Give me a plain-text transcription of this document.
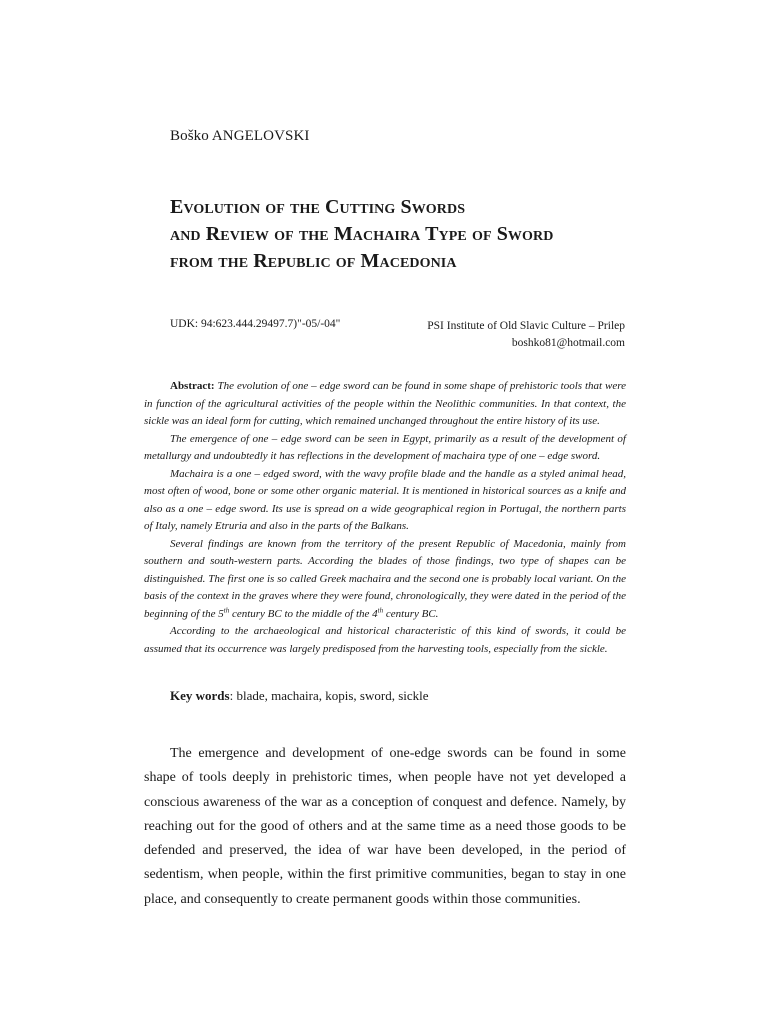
Boško ANGELOVSKI
Evolution of the Cutting Swords
and Review of the Machaira Type of Sword
from the Republic of Macedonia
UDK: 94:623.444.29497.7)"-05/-04"	PSI Institute of Old Slavic Culture – Prilep
boshko81@hotmail.com

Abstract: The evolution of one – edge sword can be found in some shape of prehistoric tools that were in function of the agricultural activities of the people within the Neolithic communities. In that context, the sickle was an ideal form for cutting, which remained unchanged throughout the entire history of its use.

The emergence of one – edge sword can be seen in Egypt, primarily as a result of the development of metallurgy and undoubtedly it has reflections in the development of machaira type of one – edge sword.

Machaira is a one – edged sword, with the wavy profile blade and the handle as a styled animal head, most often of wood, bone or some other organic material. It is mentioned in historical sources as a knife and also as a one – edge sword. Its use is spread on a wide geographical region in Portugal, the northern parts of Italy, namely Etruria and also in the parts of the Balkans.

Several findings are known from the territory of the present Republic of Macedonia, mainly from southern and south-western parts. According the blades of those findings, two type of shapes can be distinguished. The first one is so called Greek machaira and the second one is probably local variant. On the basis of the context in the graves where they were found, chronologically, they were dated in the period of the beginning of the 5th century BC to the middle of the 4th century BC.

According to the archaeological and historical characteristic of this kind of swords, it could be assumed that its occurrence was largely predisposed from the harvesting tools, especially from the sickle.

Key words: blade, machaira, kopis, sword, sickle

The emergence and development of one-edge swords can be found in some shape of tools deeply in prehistoric times, when people have not yet developed a conscious awareness of the war as a conception of conquest and defence. Namely, by reaching out for the good of others and at the same time as a need those goods to be defended and preserved, the idea of war have been developed, in the period of sedentism, when people, within the first primitive communities, began to stay in one place, and consequently to create permanent goods within those communities.
